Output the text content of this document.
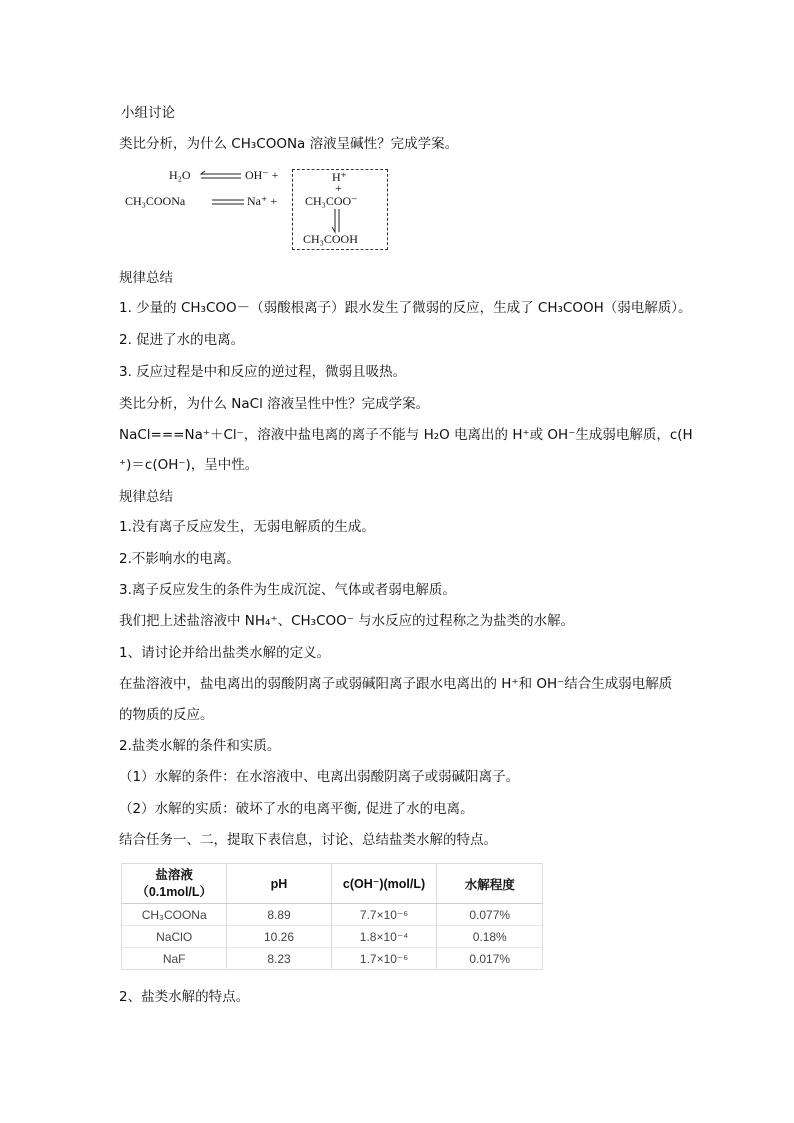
小组讨论
类比分析，为什么 CH₃COONa 溶液呈碱性？完成学案。
H₂O	OH⁻ +
CH₃COONa	Na⁺ +
H⁺
+
CH₃COO⁻
CH₃COOH
规律总结
1. 少量的 CH₃COO－（弱酸根离子）跟水发生了微弱的反应，生成了 CH₃COOH（弱电解质）。
2. 促进了水的电离。
3. 反应过程是中和反应的逆过程，微弱且吸热。
类比分析，为什么 NaCl 溶液呈性中性？完成学案。
NaCl===Na⁺＋Cl⁻，溶液中盐电离的离子不能与 H₂O 电离出的 H⁺或 OH⁻生成弱电解质，c(H
⁺)＝c(OH⁻)，呈中性。
规律总结
1.没有离子反应发生，无弱电解质的生成。
2.不影响水的电离。
3.离子反应发生的条件为生成沉淀、气体或者弱电解质。
我们把上述盐溶液中 NH₄⁺、CH₃COO⁻ 与水反应的过程称之为盐类的水解。
1、请讨论并给出盐类水解的定义。
在盐溶液中，盐电离出的弱酸阴离子或弱碱阳离子跟水电离出的 H⁺和 OH⁻结合生成弱电解质
的物质的反应。
2.盐类水解的条件和实质。
（1）水解的条件：在水溶液中、电离出弱酸阴离子或弱碱阳离子。
（2）水解的实质：破坏了水的电离平衡, 促进了水的电离。
结合任务一、二，提取下表信息，讨论、总结盐类水解的特点。
盐溶液
（0.1mol/L）	pH	c(OH⁻)(mol/L)	水解程度
CH₃COONa	8.89	7.7×10⁻⁶	0.077%
NaClO	10.26	1.8×10⁻⁴	0.18%
NaF	8.23	1.7×10⁻⁶	0.017%
2、盐类水解的特点。
